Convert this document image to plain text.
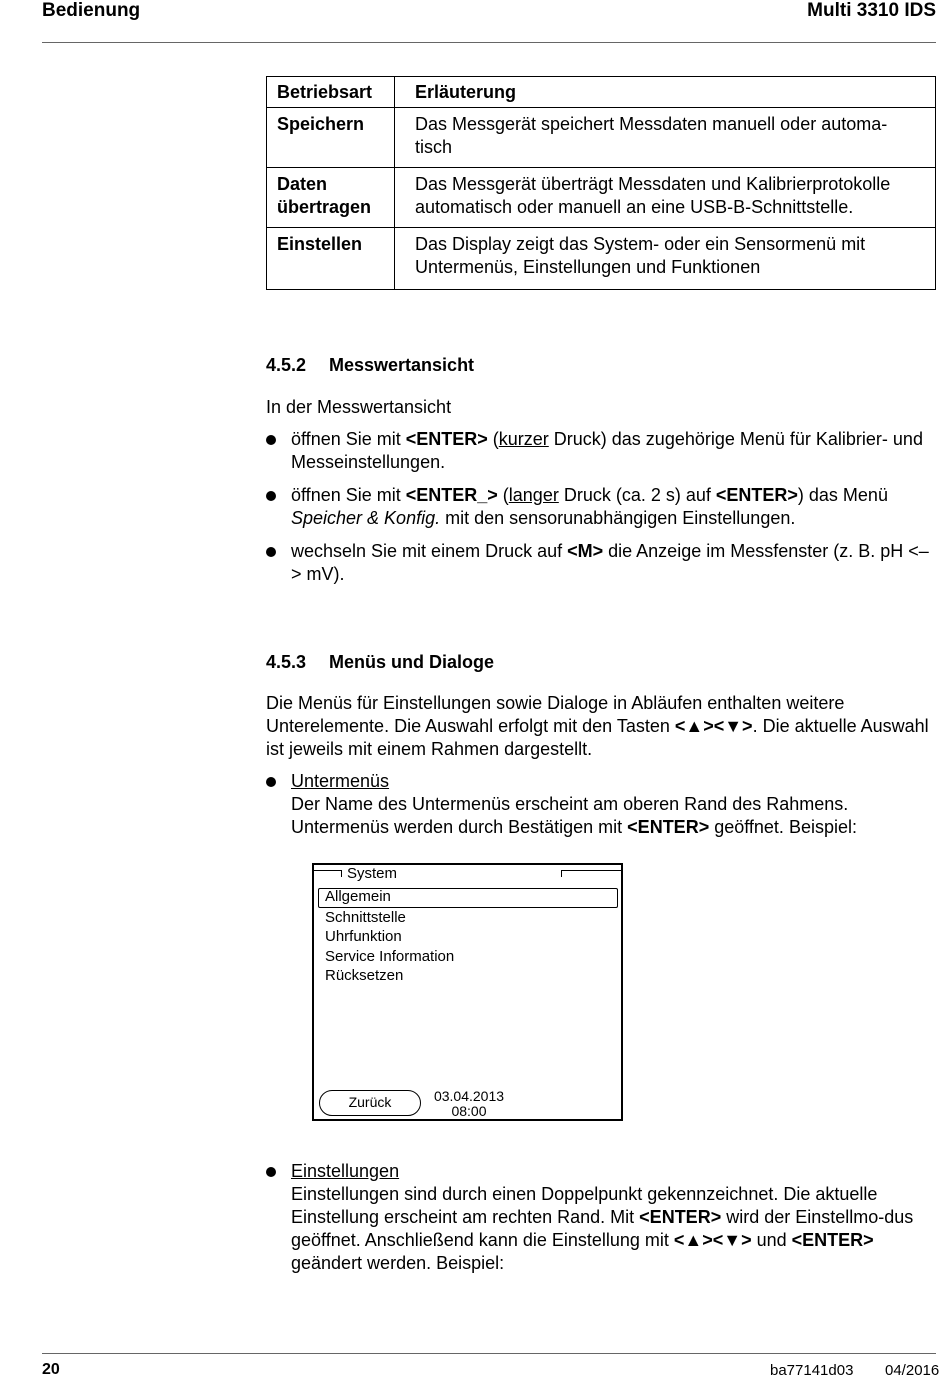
Bedienung	Multi 3310 IDS
Betriebsart	Erläuterung
Speichern	Das Messgerät speichert Messdaten manuell oder automa-
tisch
Daten
übertragen	Das Messgerät überträgt Messdaten und Kalibrierprotokolle
automatisch oder manuell an eine USB-B-Schnittstelle.
Einstellen	Das Display zeigt das System- oder ein Sensormenü mit
Untermenüs, Einstellungen und Funktionen
4.5.2 Messwertansicht
In der Messwertansicht
öffnen Sie mit <ENTER> (kurzer Druck) das zugehörige Menü für Kalibrier- und Messeinstellungen.
öffnen Sie mit <ENTER_> (langer Druck (ca. 2 s) auf <ENTER>) das Menü Speicher & Konfig. mit den sensorunabhängigen Einstellungen.
wechseln Sie mit einem Druck auf <M> die Anzeige im Messfenster (z. B. pH <–> mV).
4.5.3 Menüs und Dialoge
Die Menüs für Einstellungen sowie Dialoge in Abläufen enthalten weitere Unterelemente. Die Auswahl erfolgt mit den Tasten <▲><▼>. Die aktuelle Auswahl ist jeweils mit einem Rahmen dargestellt.
Untermenüs
Der Name des Untermenüs erscheint am oberen Rand des Rahmens. Untermenüs werden durch Bestätigen mit <ENTER> geöffnet. Beispiel:
System
Allgemein
Schnittstelle
Uhrfunktion
Service Information
Rücksetzen
Zurück	03.04.2013
08:00
Einstellungen
Einstellungen sind durch einen Doppelpunkt gekennzeichnet. Die aktuelle Einstellung erscheint am rechten Rand. Mit <ENTER> wird der Einstellmo-dus geöffnet. Anschließend kann die Einstellung mit <▲><▼> und <ENTER> geändert werden. Beispiel:
20	ba77141d03 04/2016
